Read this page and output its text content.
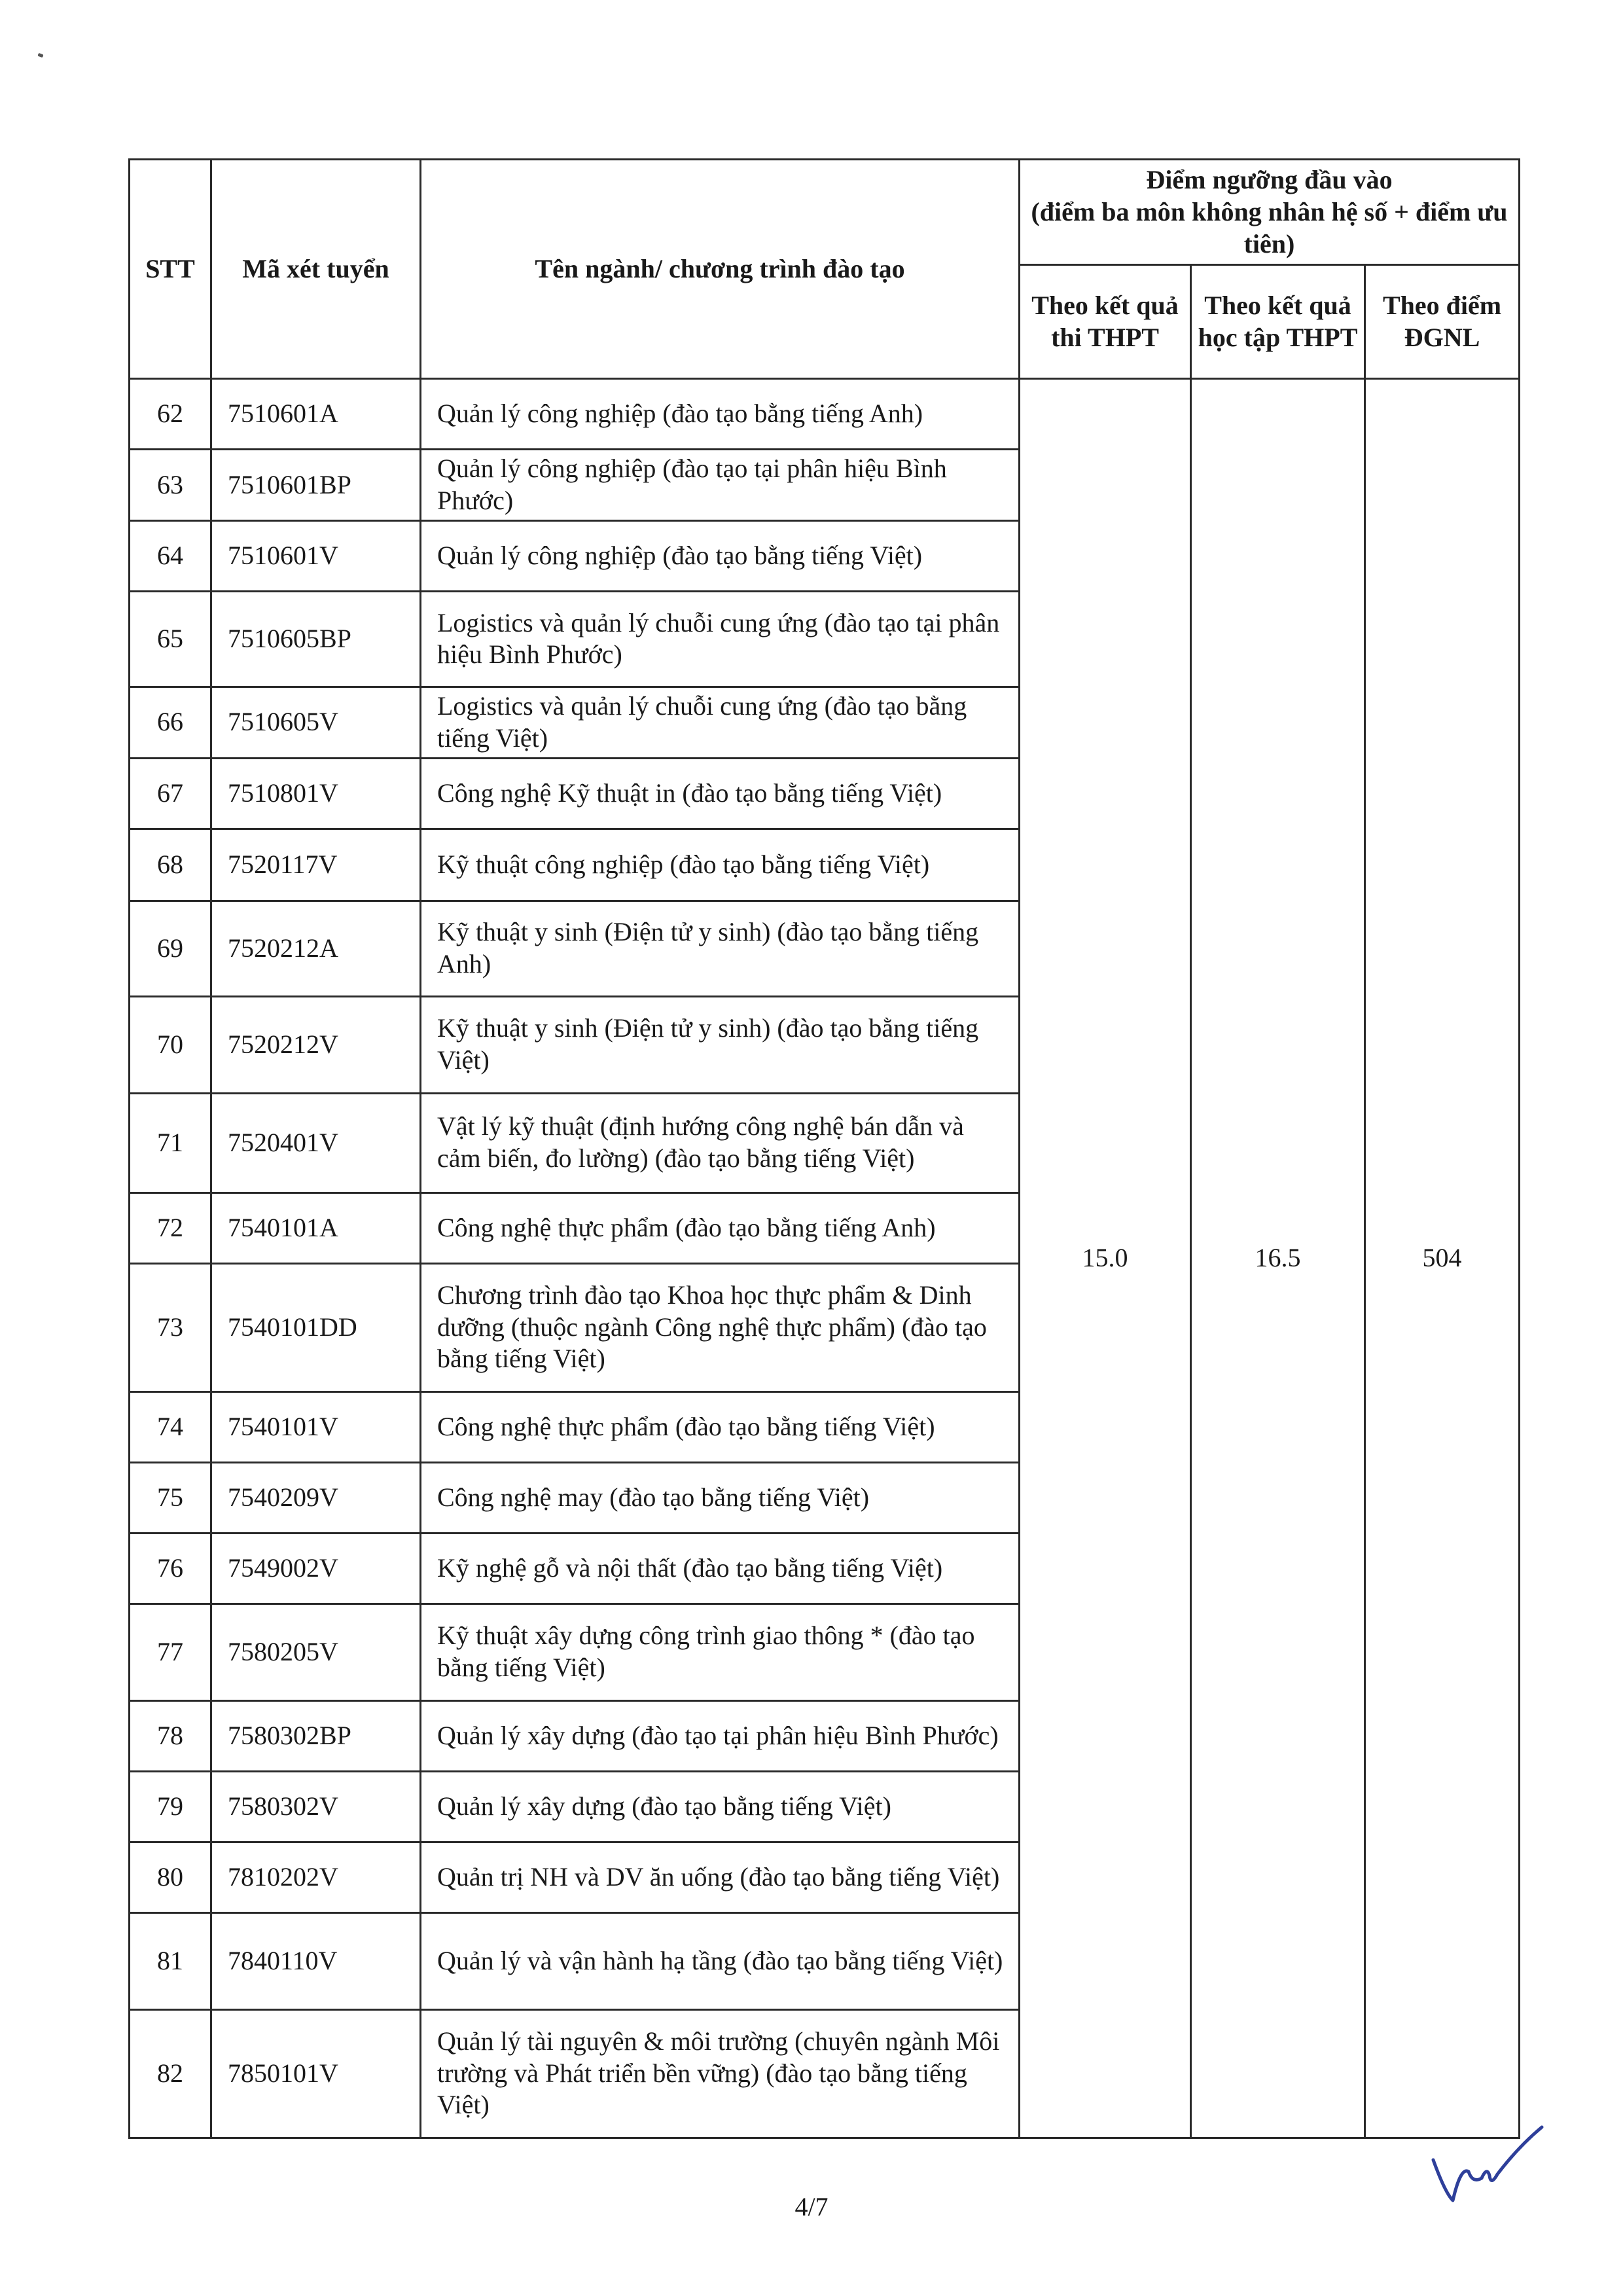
STT	Mã xét tuyển	Tên ngành/ chương trình đào tạo	Điểm ngưỡng đầu vào
(điểm ba môn không nhân hệ số + điểm ưu tiên)		

			Theo kết quả thi THPT	Theo kết quả học tập THPT	Theo điểm ĐGNL
62	7510601A	Quản lý công nghiệp (đào tạo bằng tiếng Anh)	15.0	16.5	504
63	7510601BP	Quản lý công nghiệp (đào tạo tại phân hiệu Bình Phước)			
64	7510601V	Quản lý công nghiệp (đào tạo bằng tiếng Việt)			
65	7510605BP	Logistics và quản lý chuỗi cung ứng (đào tạo tại phân hiệu Bình Phước)			
66	7510605V	Logistics và quản lý chuỗi cung ứng (đào tạo bằng tiếng Việt)			
67	7510801V	Công nghệ Kỹ thuật in (đào tạo bằng tiếng Việt)			
68	7520117V	Kỹ thuật công nghiệp (đào tạo bằng tiếng Việt)			
69	7520212A	Kỹ thuật y sinh (Điện tử y sinh) (đào tạo bằng tiếng Anh)			
70	7520212V	Kỹ thuật y sinh (Điện tử y sinh) (đào tạo bằng tiếng Việt)			
71	7520401V	Vật lý kỹ thuật (định hướng công nghệ bán dẫn và cảm biến, đo lường) (đào tạo bằng tiếng Việt)			
72	7540101A	Công nghệ thực phẩm (đào tạo bằng tiếng Anh)			
73	7540101DD	Chương trình đào tạo Khoa học thực phẩm & Dinh dưỡng (thuộc ngành Công nghệ thực phẩm) (đào tạo bằng tiếng Việt)			
74	7540101V	Công nghệ thực phẩm (đào tạo bằng tiếng Việt)			
75	7540209V	Công nghệ may (đào tạo bằng tiếng Việt)			
76	7549002V	Kỹ nghệ gỗ và nội thất (đào tạo bằng tiếng Việt)			
77	7580205V	Kỹ thuật xây dựng công trình giao thông * (đào tạo bằng tiếng Việt)			
78	7580302BP	Quản lý xây dựng (đào tạo tại phân hiệu Bình Phước)			
79	7580302V	Quản lý xây dựng (đào tạo bằng tiếng Việt)			
80	7810202V	Quản trị NH và DV ăn uống (đào tạo bằng tiếng Việt)			
81	7840110V	Quản lý và vận hành hạ tầng (đào tạo bằng tiếng Việt)			
82	7850101V	Quản lý tài nguyên & môi trường (chuyên ngành Môi trường và Phát triển bền vững) (đào tạo bằng tiếng Việt)			
4/7
